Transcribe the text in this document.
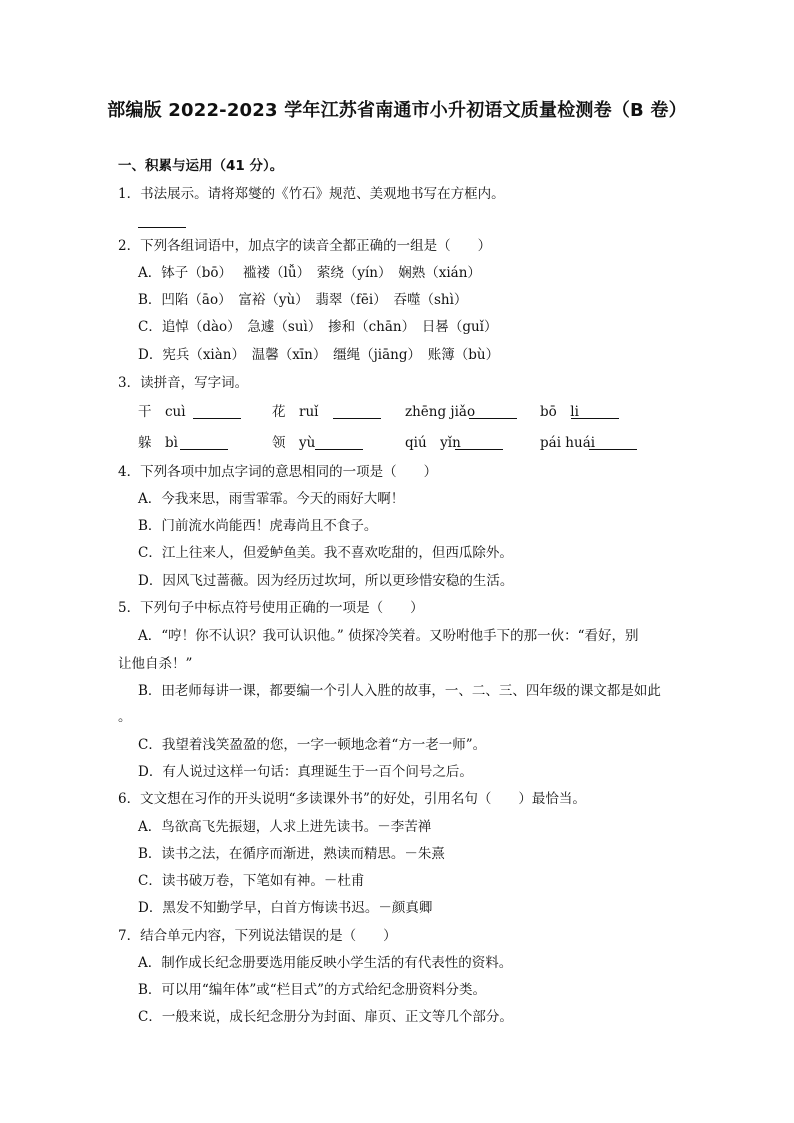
部编版 2022-2023 学年江苏省南通市小升初语文质量检测卷（B 卷）
一、积累与运用（41 分）。
1．书法展示。请将郑燮的《竹石》规范、美观地书写在方框内。
2．下列各组词语中，加点字的读音全都正确的一组是（　　）
A．钵子（bō）　 褴褛（lǚ）　萦绕（yín）　娴熟（xián）
B．凹陷（āo）　富裕（yù）　翡翠（fēi）　吞噬（shì）
C．追悼（dào）　急遽（suì）　掺和（chān）　日晷（guǐ）
D．宪兵（xiàn）　温馨（xīn）　缰绳（jiāng）　账簿（bù）
3．读拼音，写字词。
干　cuì	花　ruǐ	zhēng jiǎo	bō　li
躲　bì	领　yù	qiú　yǐn	pái huái
4．下列各项中加点字词的意思相同的一项是（　　）
A．今我来思，雨雪霏霏。今天的雨好大啊！
B．门前流水尚能西！虎毒尚且不食子。
C．江上往来人，但爱鲈鱼美。我不喜欢吃甜的，但西瓜除外。
D．因风飞过蔷薇。因为经历过坎坷，所以更珍惜安稳的生活。
5．下列句子中标点符号使用正确的一项是（　　）
A．“哼！你不认识？我可认识他。” 侦探冷笑着。又吩咐他手下的那一伙：“看好，别
让他自杀！”
B．田老师每讲一课，都要编一个引人入胜的故事，一、二、三、四年级的课文都是如此
。
C．我望着浅笑盈盈的您，一字一顿地念着“方一老一师”。
D．有人说过这样一句话：真理诞生于一百个问号之后。
6．文文想在习作的开头说明“多读课外书”的好处，引用名句（　　）最恰当。
A．鸟欲高飞先振翅，人求上进先读书。－李苦禅
B．读书之法，在循序而渐进，熟读而精思。－朱熹
C．读书破万卷，下笔如有神。－杜甫
D．黑发不知勤学早，白首方悔读书迟。－颜真卿
7．结合单元内容，下列说法错误的是（　　）
A．制作成长纪念册要选用能反映小学生活的有代表性的资料。
B．可以用“编年体”或“栏目式”的方式给纪念册资料分类。
C．一般来说，成长纪念册分为封面、扉页、正文等几个部分。
